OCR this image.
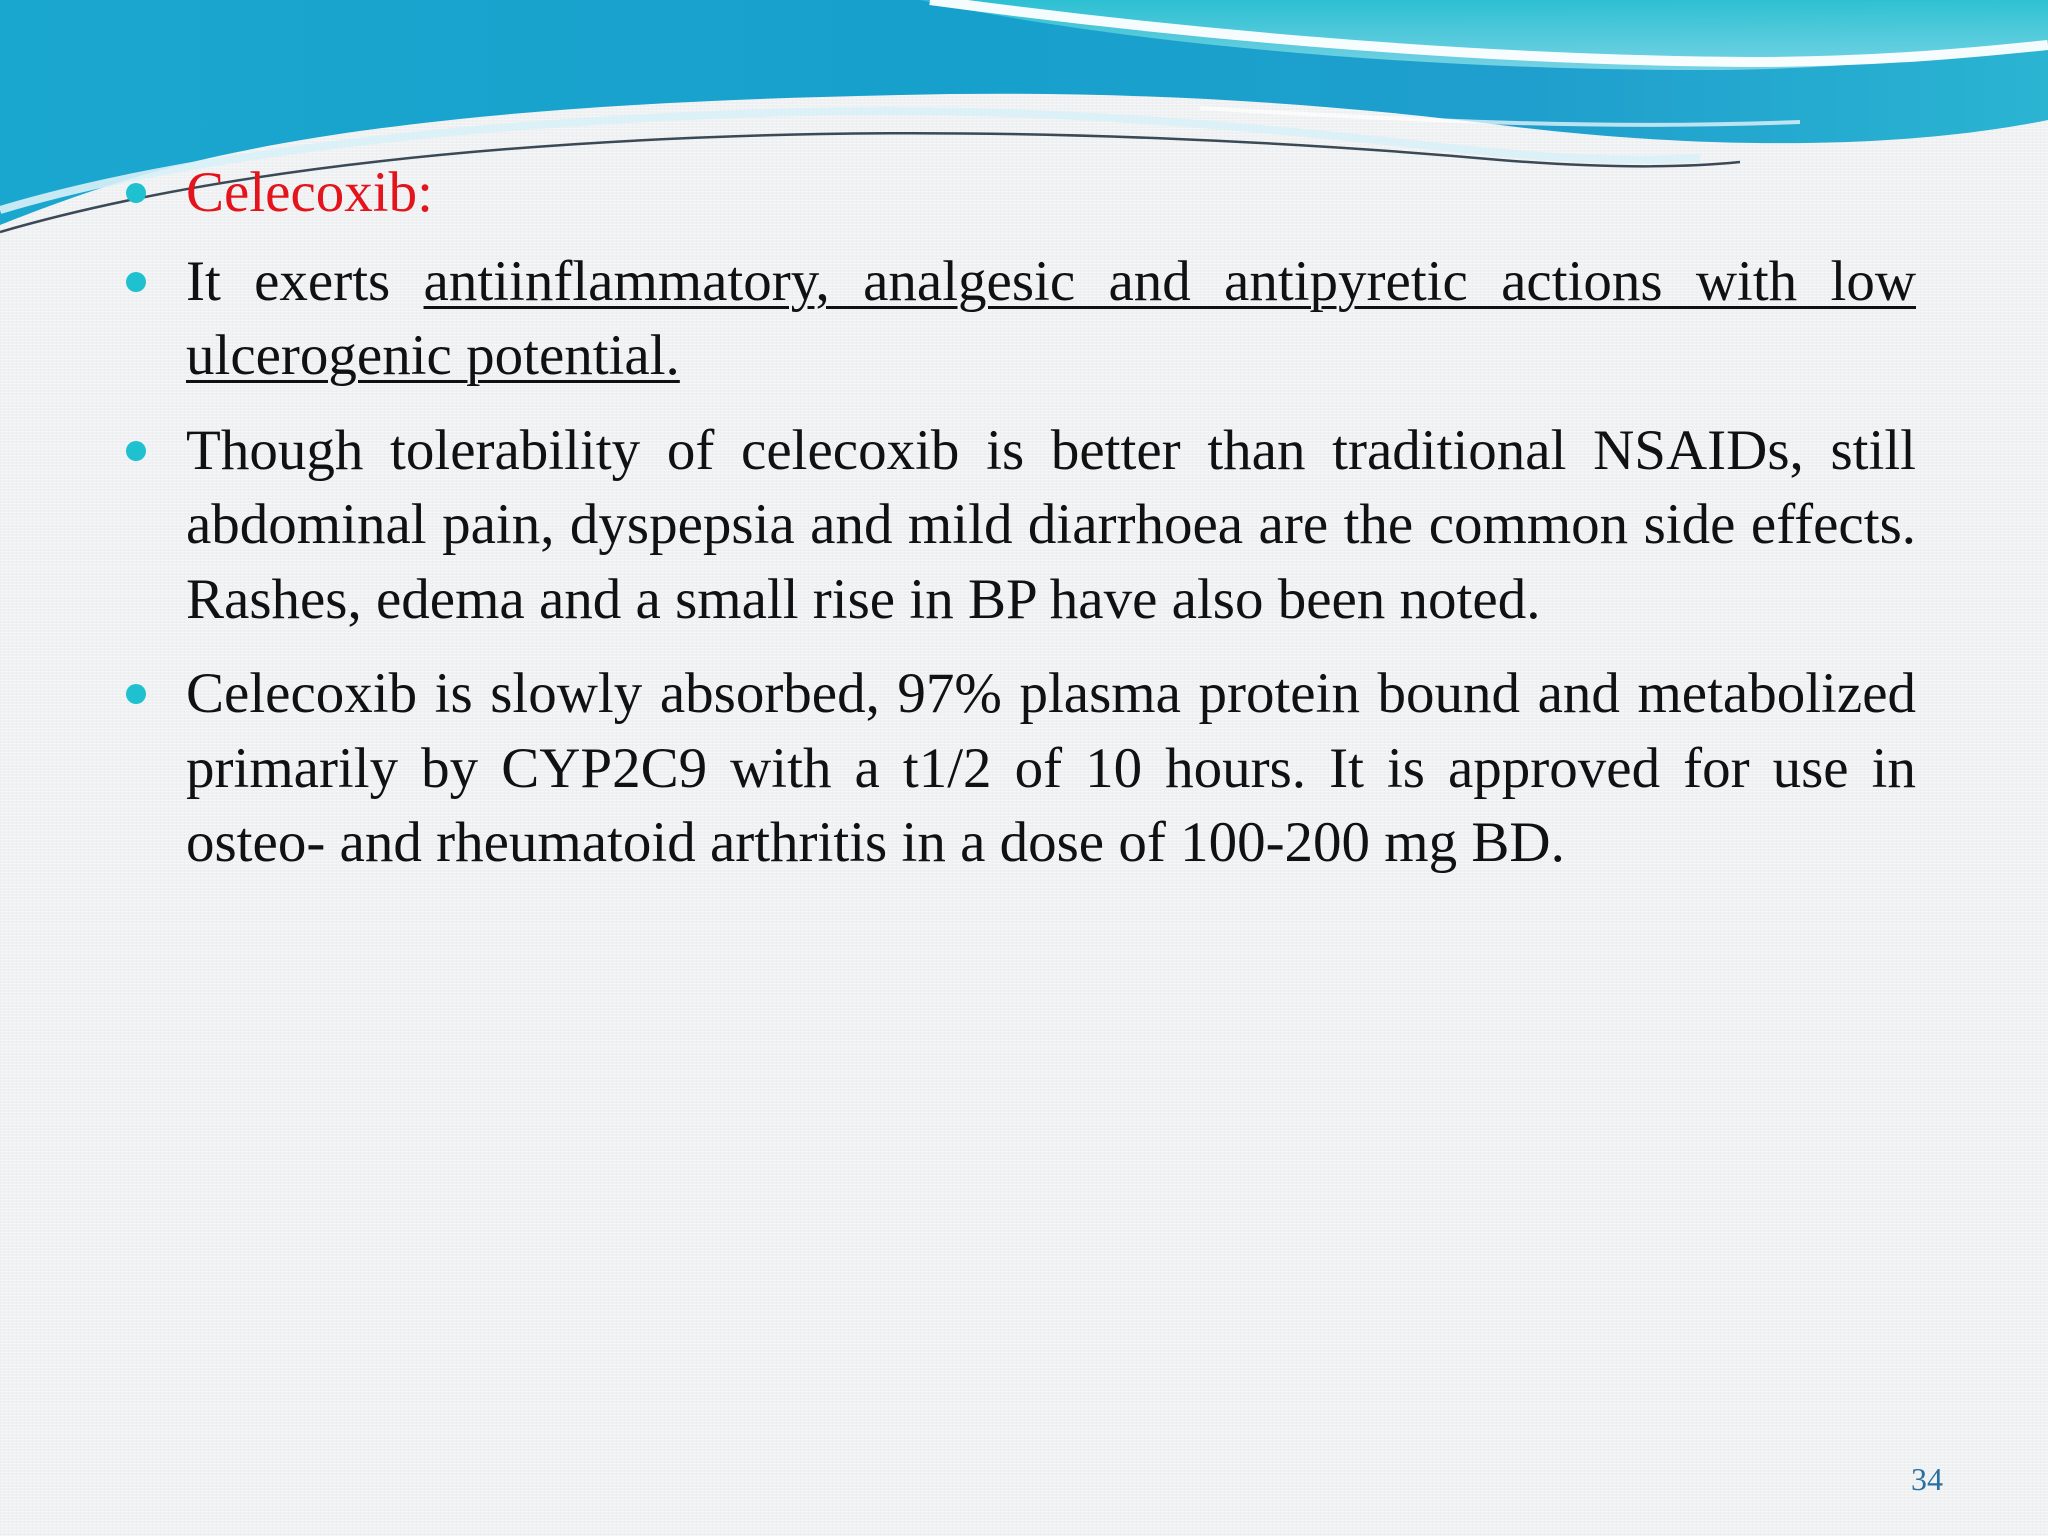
Celecoxib:
It exerts antiinflammatory, analgesic and antipyretic actions with low ulcerogenic potential.
Though tolerability of celecoxib is better than traditional NSAIDs, still abdominal pain, dyspepsia and mild diarrhoea are the common side effects. Rashes, edema and a small rise in BP have also been noted.
Celecoxib is slowly absorbed, 97% plasma protein bound and metabolized primarily by CYP2C9 with a t1/2 of 10 hours. It is approved for use in osteo- and rheumatoid arthritis in a dose of 100-200 mg BD.
34
